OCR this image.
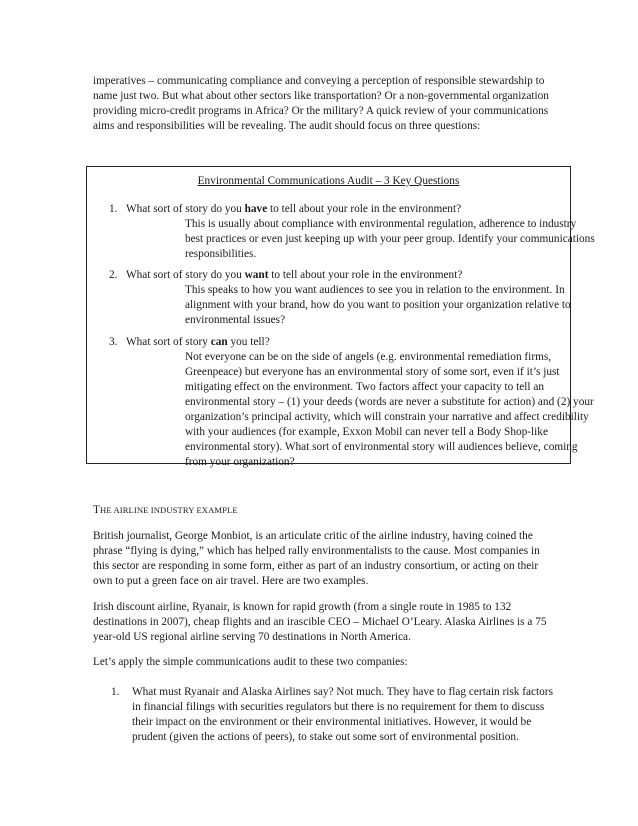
imperatives – communicating compliance and conveying a perception of responsible stewardship to name just two. But what about other sectors like transportation? Or a non-governmental organization providing micro-credit programs in Africa? Or the military? A quick review of your communications aims and responsibilities will be revealing. The audit should focus on three questions:

Environmental Communications Audit – 3 Key Questions

1. What sort of story do you have to tell about your role in the environment?

This is usually about compliance with environmental regulation, adherence to industry best practices or even just keeping up with your peer group. Identify your communications responsibilities.

2. What sort of story do you want to tell about your role in the environment?

This speaks to how you want audiences to see you in relation to the environment. In alignment with your brand, how do you want to position your organization relative to environmental issues?

3. What sort of story can you tell?

Not everyone can be on the side of angels (e.g. environmental remediation firms, Greenpeace) but everyone has an environmental story of some sort, even if it’s just mitigating effect on the environment. Two factors affect your capacity to tell an environmental story – (1) your deeds (words are never a substitute for action) and (2) your organization’s principal activity, which will constrain your narrative and affect credibility with your audiences (for example, Exxon Mobil can never tell a Body Shop-like environmental story). What sort of environmental story will audiences believe, coming from your organization?

THE AIRLINE INDUSTRY EXAMPLE

British journalist, George Monbiot, is an articulate critic of the airline industry, having coined the phrase “flying is dying,” which has helped rally environmentalists to the cause. Most companies in this sector are responding in some form, either as part of an industry consortium, or acting on their own to put a green face on air travel. Here are two examples.

Irish discount airline, Ryanair, is known for rapid growth (from a single route in 1985 to 132 destinations in 2007), cheap flights and an irascible CEO – Michael O’Leary. Alaska Airlines is a 75 year-old US regional airline serving 70 destinations in North America.

Let’s apply the simple communications audit to these two companies:

1. What must Ryanair and Alaska Airlines say? Not much. They have to flag certain risk factors in financial filings with securities regulators but there is no requirement for them to discuss their impact on the environment or their environmental initiatives. However, it would be prudent (given the actions of peers), to stake out some sort of environmental position.
